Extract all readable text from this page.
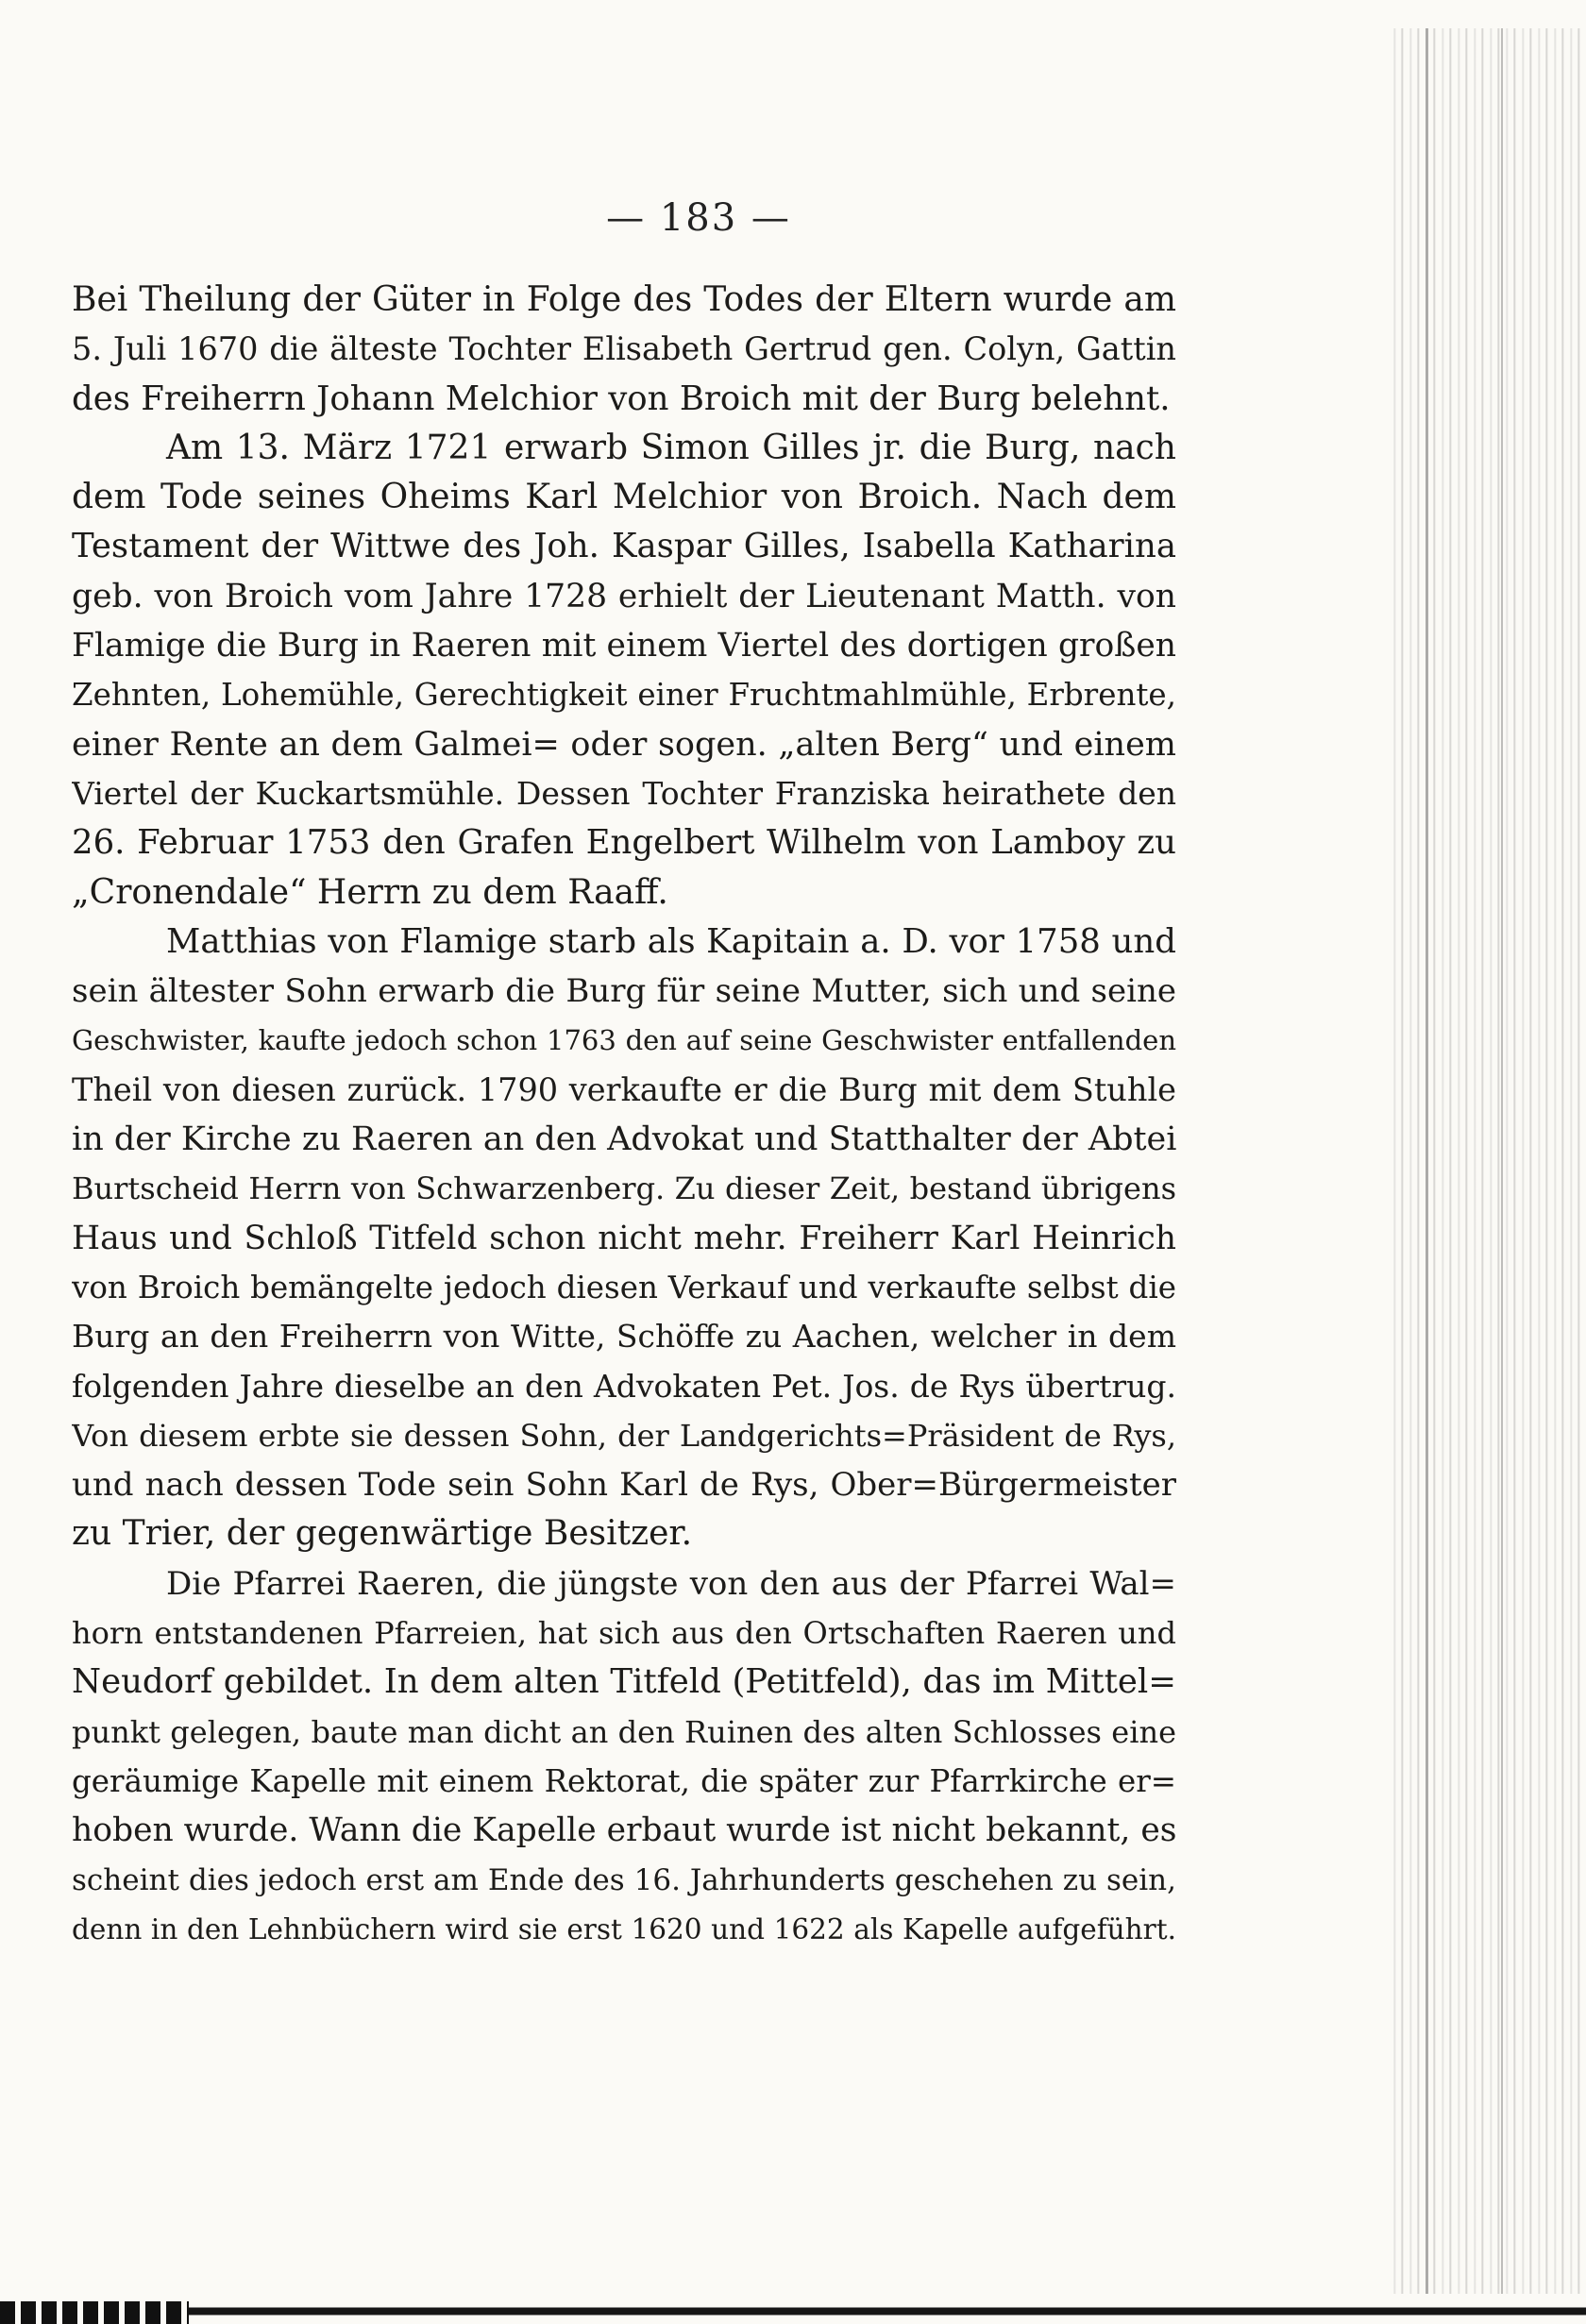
— 183 —
Bei Theilung der Güter in Folge des Todes der Eltern wurde am
5. Juli 1670 die älteste Tochter Elisabeth Gertrud gen. Colyn, Gattin
des Freiherrn Johann Melchior von Broich mit der Burg belehnt.
Am 13. März 1721 erwarb Simon Gilles jr. die Burg, nach
dem Tode seines Oheims Karl Melchior von Broich. Nach dem
Testament der Wittwe des Joh. Kaspar Gilles, Isabella Katharina
geb. von Broich vom Jahre 1728 erhielt der Lieutenant Matth. von
Flamige die Burg in Raeren mit einem Viertel des dortigen großen
Zehnten, Lohemühle, Gerechtigkeit einer Fruchtmahlmühle, Erbrente,
einer Rente an dem Galmei= oder sogen. „alten Berg“ und einem
Viertel der Kuckartsmühle. Dessen Tochter Franziska heirathete den
26. Februar 1753 den Grafen Engelbert Wilhelm von Lamboy zu
„Cronendale“ Herrn zu dem Raaff.
Matthias von Flamige starb als Kapitain a. D. vor 1758 und
sein ältester Sohn erwarb die Burg für seine Mutter, sich und seine
Geschwister, kaufte jedoch schon 1763 den auf seine Geschwister entfallenden
Theil von diesen zurück. 1790 verkaufte er die Burg mit dem Stuhle
in der Kirche zu Raeren an den Advokat und Statthalter der Abtei
Burtscheid Herrn von Schwarzenberg. Zu dieser Zeit, bestand übrigens
Haus und Schloß Titfeld schon nicht mehr. Freiherr Karl Heinrich
von Broich bemängelte jedoch diesen Verkauf und verkaufte selbst die
Burg an den Freiherrn von Witte, Schöffe zu Aachen, welcher in dem
folgenden Jahre dieselbe an den Advokaten Pet. Jos. de Rys übertrug.
Von diesem erbte sie dessen Sohn, der Landgerichts=Präsident de Rys,
und nach dessen Tode sein Sohn Karl de Rys, Ober=Bürgermeister
zu Trier, der gegenwärtige Besitzer.
Die Pfarrei Raeren, die jüngste von den aus der Pfarrei Wal=
horn entstandenen Pfarreien, hat sich aus den Ortschaften Raeren und
Neudorf gebildet. In dem alten Titfeld (Petitfeld), das im Mittel=
punkt gelegen, baute man dicht an den Ruinen des alten Schlosses eine
geräumige Kapelle mit einem Rektorat, die später zur Pfarrkirche er=
hoben wurde. Wann die Kapelle erbaut wurde ist nicht bekannt, es
scheint dies jedoch erst am Ende des 16. Jahrhunderts geschehen zu sein,
denn in den Lehnbüchern wird sie erst 1620 und 1622 als Kapelle aufgeführt.
